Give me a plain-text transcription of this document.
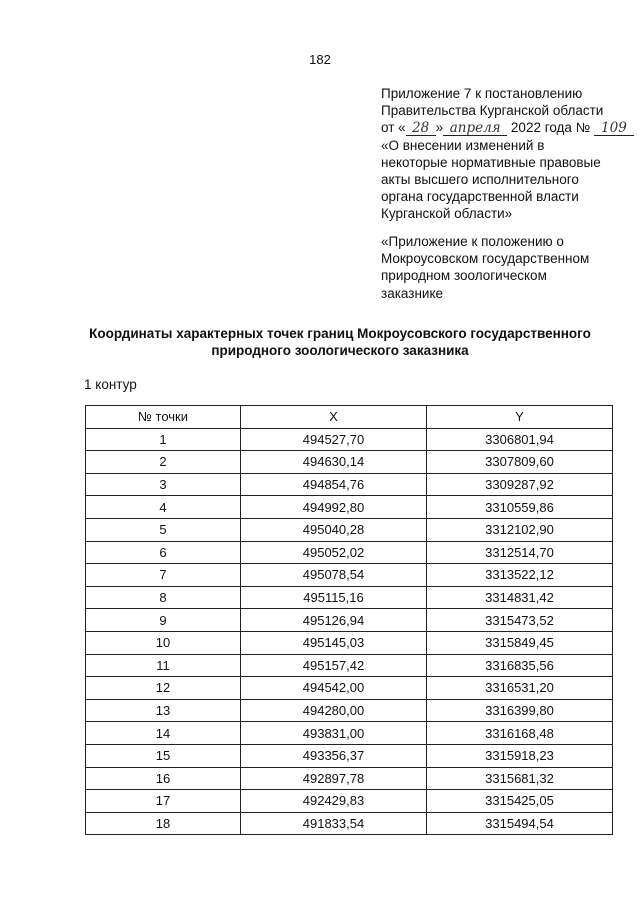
182
Приложение 7 к постановлению
Правительства Курганской области
от « 28 » апреля 2022 года № 109
«О внесении изменений в
некоторые нормативные правовые
акты высшего исполнительного
органа государственной власти
Курганской области»
«Приложение к положению о
Мокроусовском государственном
природном зоологическом
заказнике
Координаты характерных точек границ Мокроусовского государственного
природного зоологического заказника
1 контур
№ точки	X	Y
1	494527,70	3306801,94
2	494630,14	3307809,60
3	494854,76	3309287,92
4	494992,80	3310559,86
5	495040,28	3312102,90
6	495052,02	3312514,70
7	495078,54	3313522,12
8	495115,16	3314831,42
9	495126,94	3315473,52
10	495145,03	3315849,45
11	495157,42	3316835,56
12	494542,00	3316531,20
13	494280,00	3316399,80
14	493831,00	3316168,48
15	493356,37	3315918,23
16	492897,78	3315681,32
17	492429,83	3315425,05
18	491833,54	3315494,54
